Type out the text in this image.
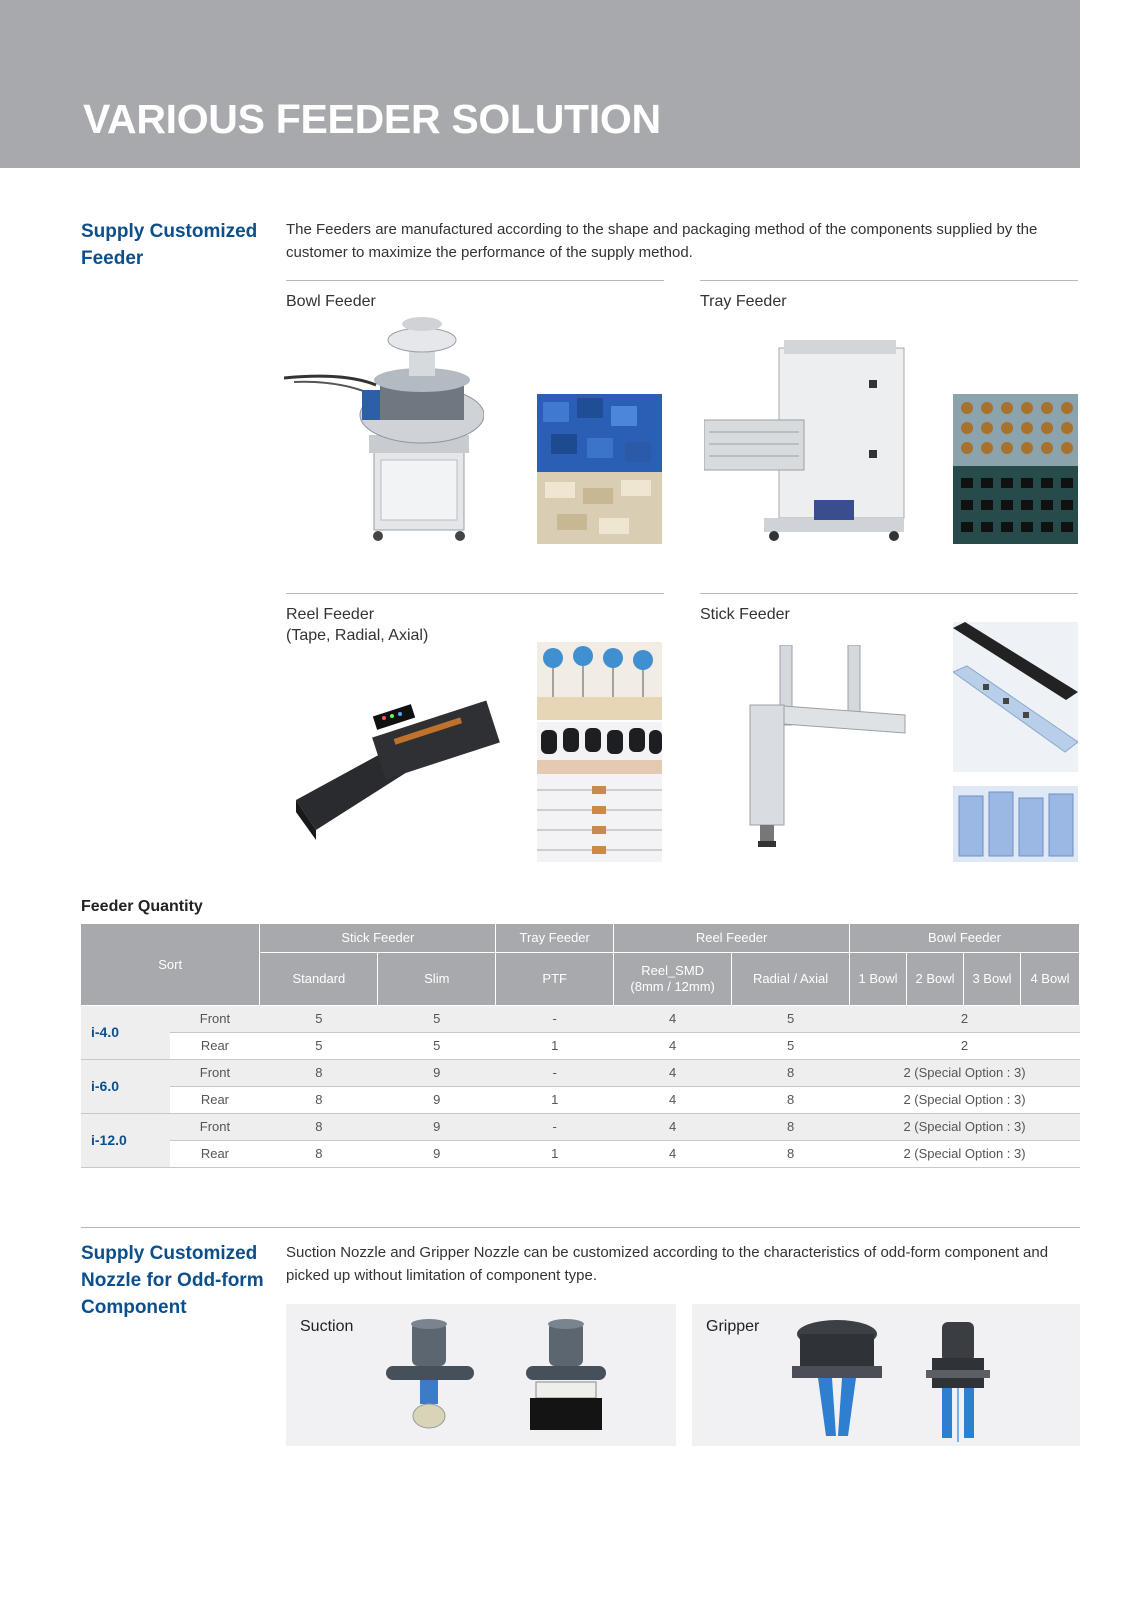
VARIOUS FEEDER SOLUTION
Supply Customized
Feeder
The Feeders are manufactured according to the shape and packaging method of the components supplied by the
customer to maximize the performance of the supply method.
Bowl Feeder	Tray Feeder
Reel Feeder
(Tape, Radial, Axial)
Stick Feeder
Feeder Quantity
Sort		Stick Feeder		Tray Feeder	Reel Feeder		Bowl Feeder			
		Standard	Slim	PTF	Reel_SMD
(8mm / 12mm)	Radial / Axial	1 Bowl	2 Bowl	3 Bowl	4 Bowl
i-4.0	Front	5	5	-	4	5	2			
	Rear	5	5	1	4	5	2			
i-6.0	Front	8	9	-	4	8	2 (Special Option : 3)			
	Rear	8	9	1	4	8	2 (Special Option : 3)			
i-12.0	Front	8	9	-	4	8	2 (Special Option : 3)			
	Rear	8	9	1	4	8	2 (Special Option : 3)			
Supply Customized
Nozzle for Odd-form
Component
Suction Nozzle and Gripper Nozzle can be customized according to the characteristics of odd-form component and
picked up without limitation of component type.
Suction	Gripper
